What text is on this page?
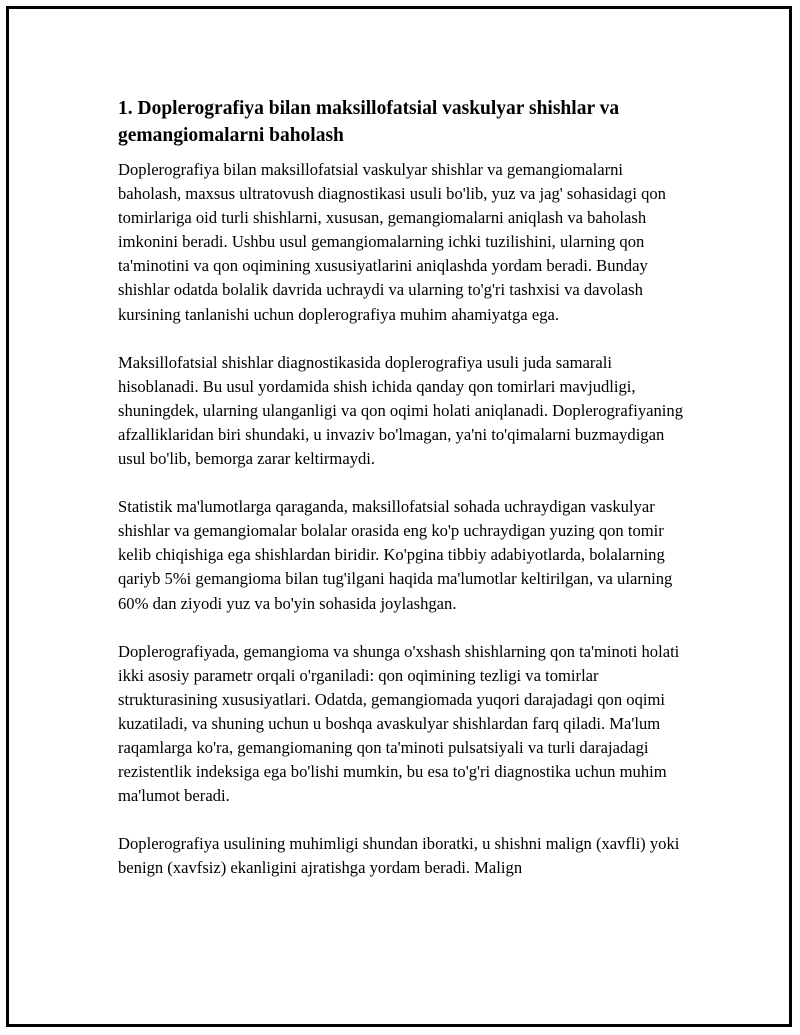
1. Doplerografiya bilan maksillofatsial vaskulyar shishlar va gemangiomalarni baholash

Doplerografiya bilan maksillofatsial vaskulyar shishlar va gemangiomalarni baholash, maxsus ultratovush diagnostikasi usuli bo'lib, yuz va jag' sohasidagi qon tomirlariga oid turli shishlarni, xususan, gemangiomalarni aniqlash va baholash imkonini beradi. Ushbu usul gemangiomalarning ichki tuzilishini, ularning qon ta'minotini va qon oqimining xususiyatlarini aniqlashda yordam beradi. Bunday shishlar odatda bolalik davrida uchraydi va ularning to'g'ri tashxisi va davolash kursining tanlanishi uchun doplerografiya muhim ahamiyatga ega.

Maksillofatsial shishlar diagnostikasida doplerografiya usuli juda samarali hisoblanadi. Bu usul yordamida shish ichida qanday qon tomirlari mavjudligi, shuningdek, ularning ulanganligi va qon oqimi holati aniqlanadi. Doplerografiyaning afzalliklaridan biri shundaki, u invaziv bo'lmagan, ya'ni to'qimalarni buzmaydigan usul bo'lib, bemorga zarar keltirmaydi.

Statistik ma'lumotlarga qaraganda, maksillofatsial sohada uchraydigan vaskulyar shishlar va gemangiomalar bolalar orasida eng ko'p uchraydigan yuzing qon tomir kelib chiqishiga ega shishlardan biridir. Ko'pgina tibbiy adabiyotlarda, bolalarning qariyb 5%i gemangioma bilan tug'ilgani haqida ma'lumotlar keltirilgan, va ularning 60% dan ziyodi yuz va bo'yin sohasida joylashgan.

Doplerografiyada, gemangioma va shunga o'xshash shishlarning qon ta'minoti holati ikki asosiy parametr orqali o'rganiladi: qon oqimining tezligi va tomirlar strukturasining xususiyatlari. Odatda, gemangiomada yuqori darajadagi qon oqimi kuzatiladi, va shuning uchun u boshqa avaskulyar shishlardan farq qiladi. Ma'lum raqamlarga ko'ra, gemangiomaning qon ta'minoti pulsatsiyali va turli darajadagi rezistentlik indeksiga ega bo'lishi mumkin, bu esa to'g'ri diagnostika uchun muhim ma'lumot beradi.

Doplerografiya usulining muhimligi shundan iboratki, u shishni malign (xavfli) yoki benign (xavfsiz) ekanligini ajratishga yordam beradi. Malign
